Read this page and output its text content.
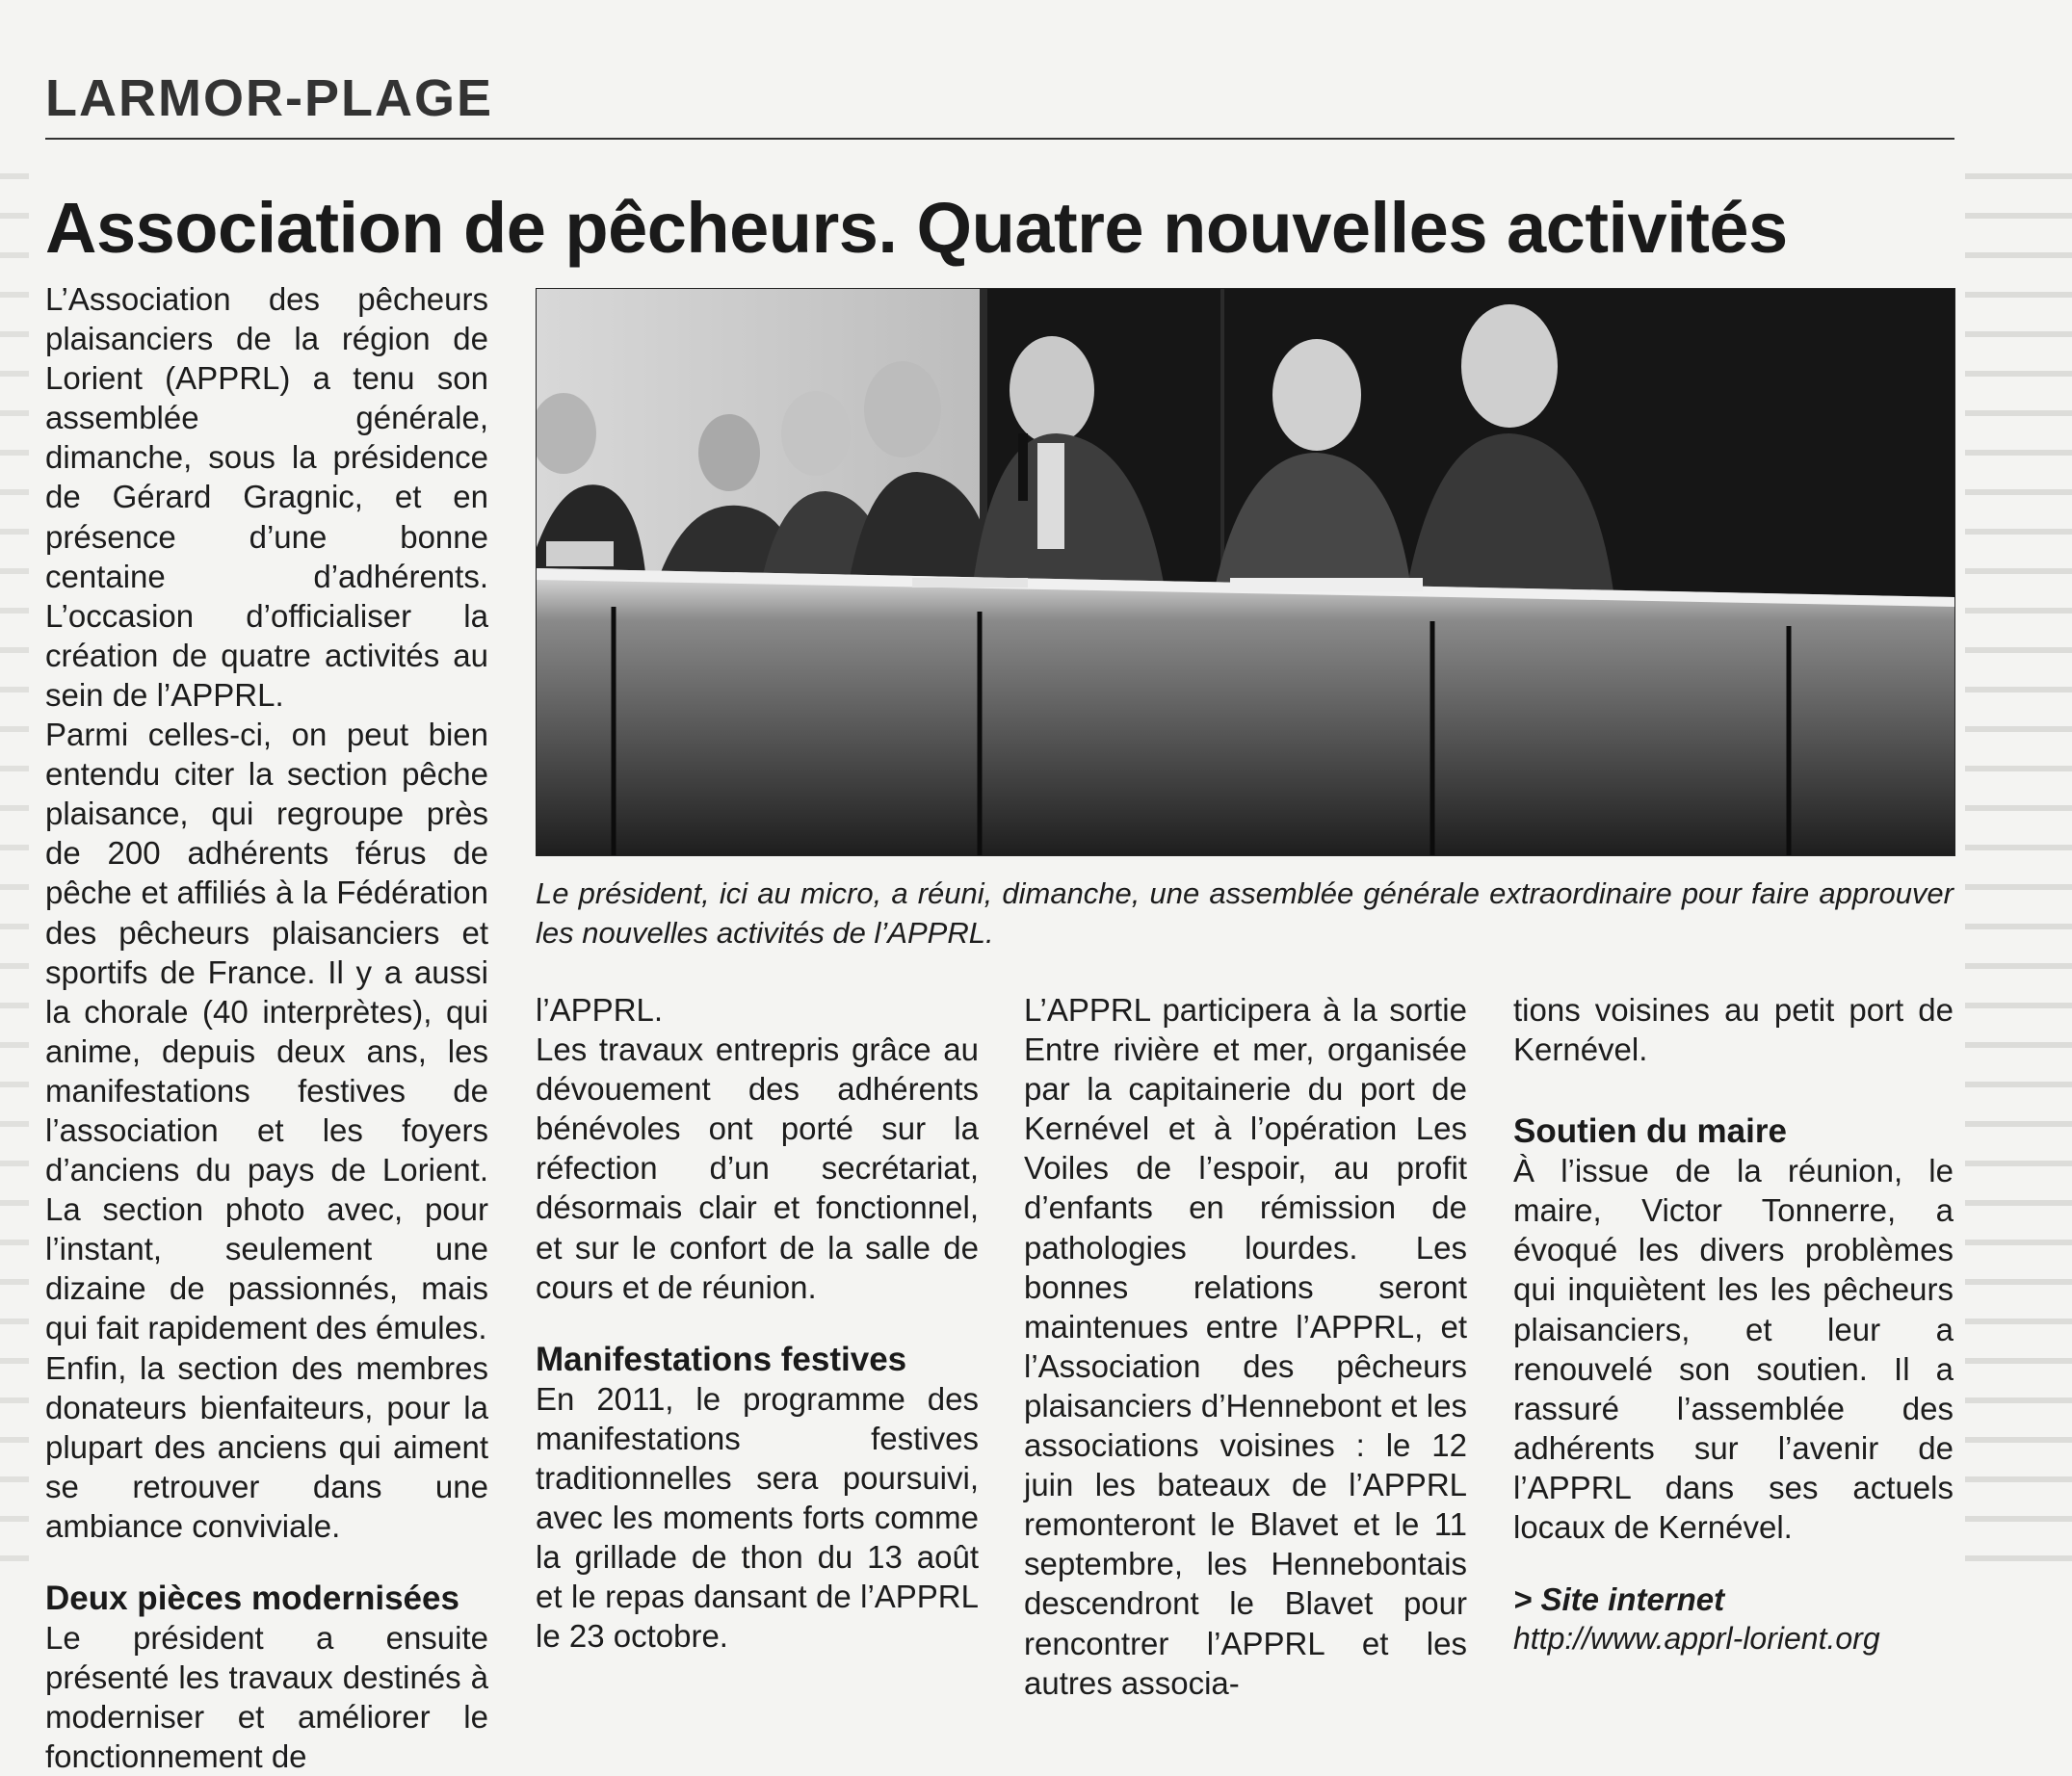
LARMOR-PLAGE
Association de pêcheurs. Quatre nouvelles activités

L’Association des pêcheurs plaisanciers de la région de Lorient (APPRL) a tenu son assemblée générale, dimanche, sous la présidence de Gérard Gragnic, et en présence d’une bonne centaine d’adhérents. L’occasion d’officialiser la création de quatre activités au sein de l’APPRL.

Parmi celles-ci, on peut bien entendu citer la section pêche plaisance, qui regroupe près de 200 adhérents férus de pêche et affiliés à la Fédération des pêcheurs plaisanciers et sportifs de France. Il y a aussi la chorale (40 interprètes), qui anime, depuis deux ans, les manifestations festives de l’association et les foyers d’anciens du pays de Lorient. La section photo avec, pour l’instant, seulement une dizaine de passionnés, mais qui fait rapidement des émules.

Enfin, la section des membres donateurs bienfaiteurs, pour la plupart des anciens qui aiment se retrouver dans une ambiance conviviale.

Deux pièces modernisées

Le président a ensuite présenté les travaux destinés à moderniser et améliorer le fonctionnement de

Le président, ici au micro, a réuni, dimanche, une assemblée générale extraordinaire pour faire approuver les nouvelles activités de l’APPRL.

l’APPRL.

Les travaux entrepris grâce au dévouement des adhérents bénévoles ont porté sur la réfection d’un secrétariat, désormais clair et fonctionnel, et sur le confort de la salle de cours et de réunion.

Manifestations festives

En 2011, le programme des manifestations festives traditionnelles sera poursuivi, avec les moments forts comme la grillade de thon du 13 août et le repas dansant de l’APPRL le 23 octobre.

L’APPRL participera à la sortie Entre rivière et mer, organisée par la capitainerie du port de Kernével et à l’opération Les Voiles de l’espoir, au profit d’enfants en rémission de pathologies lourdes. Les bonnes relations seront maintenues entre l’APPRL, et l’Association des pêcheurs plaisanciers d’Hennebont et les associations voisines : le 12 juin les bateaux de l’APPRL remonteront le Blavet et le 11 septembre, les Hennebontais descendront le Blavet pour rencontrer l’APPRL et les autres associa-

tions voisines au petit port de Kernével.

Soutien du maire

À l’issue de la réunion, le maire, Victor Tonnerre, a évoqué les divers problèmes qui inquiètent les les pêcheurs plaisanciers, et leur a renouvelé son soutien. Il a rassuré l’assemblée des adhérents sur l’avenir de l’APPRL dans ses actuels locaux de Kernével.

> Site internet

http://www.apprl-lorient.org
